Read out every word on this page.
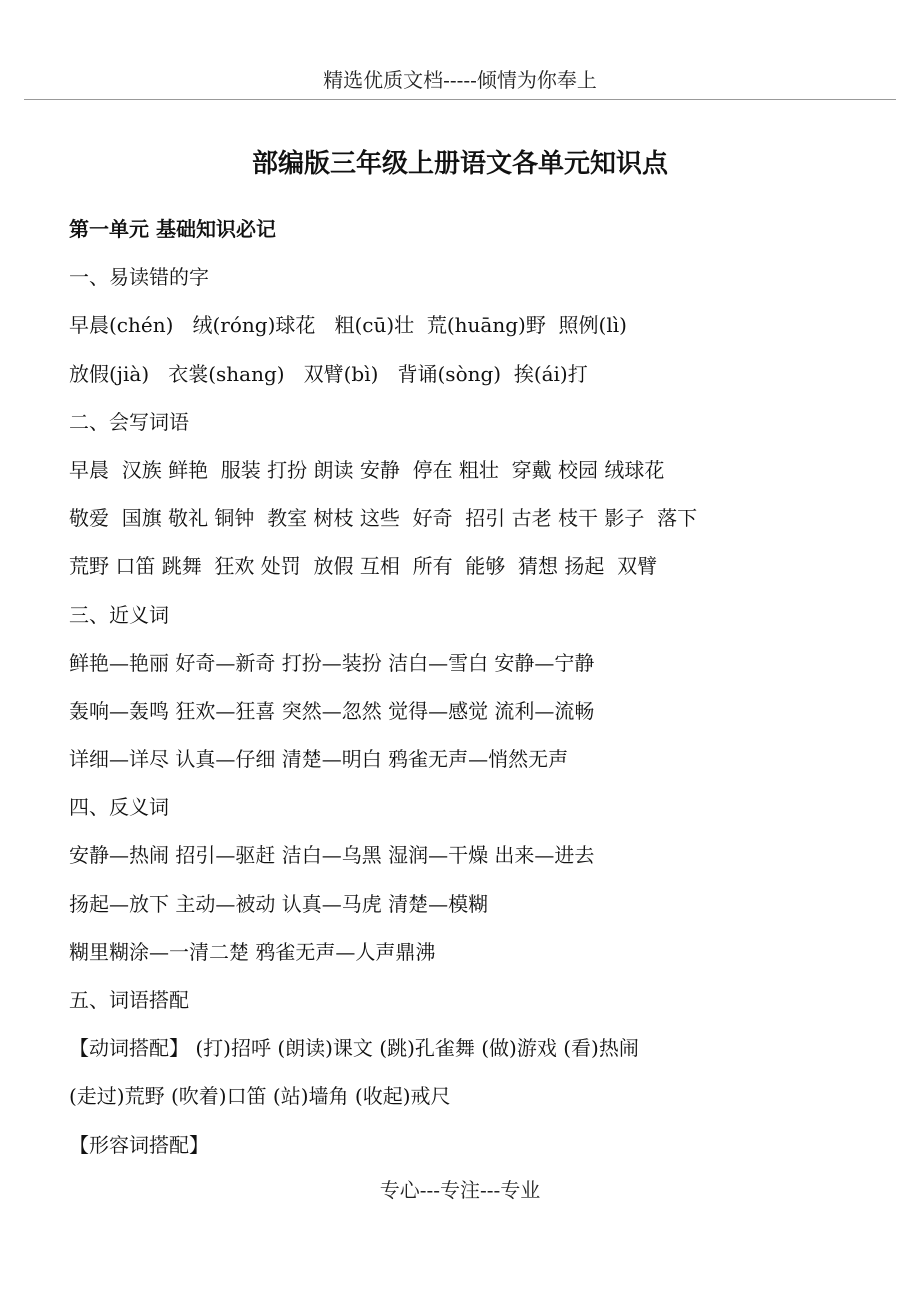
精选优质文档-----倾情为你奉上
部编版三年级上册语文各单元知识点
第一单元 基础知识必记
一、易读错的字
早晨(chén)   绒(róng)球花   粗(cū)壮  荒(huāng)野  照例(lì)
放假(jià)   衣裳(shang)   双臂(bì)   背诵(sòng)  挨(ái)打
二、会写词语
早晨  汉族 鲜艳  服装 打扮 朗读 安静  停在 粗壮  穿戴 校园 绒球花
敬爱  国旗 敬礼 铜钟  教室 树枝 这些  好奇  招引 古老 枝干 影子  落下
荒野 口笛 跳舞  狂欢 处罚  放假 互相  所有  能够  猜想 扬起  双臂
三、近义词
鲜艳—艳丽 好奇—新奇 打扮—装扮 洁白—雪白 安静—宁静
轰响—轰鸣 狂欢—狂喜 突然—忽然 觉得—感觉 流利—流畅
详细—详尽 认真—仔细 清楚—明白 鸦雀无声—悄然无声
四、反义词
安静—热闹 招引—驱赶 洁白—乌黑 湿润—干燥 出来—进去
扬起—放下 主动—被动 认真—马虎 清楚—模糊
糊里糊涂—一清二楚 鸦雀无声—人声鼎沸
五、词语搭配
【动词搭配】 (打)招呼 (朗读)课文 (跳)孔雀舞 (做)游戏 (看)热闹
(走过)荒野 (吹着)口笛 (站)墙角 (收起)戒尺
【形容词搭配】
专心---专注---专业
